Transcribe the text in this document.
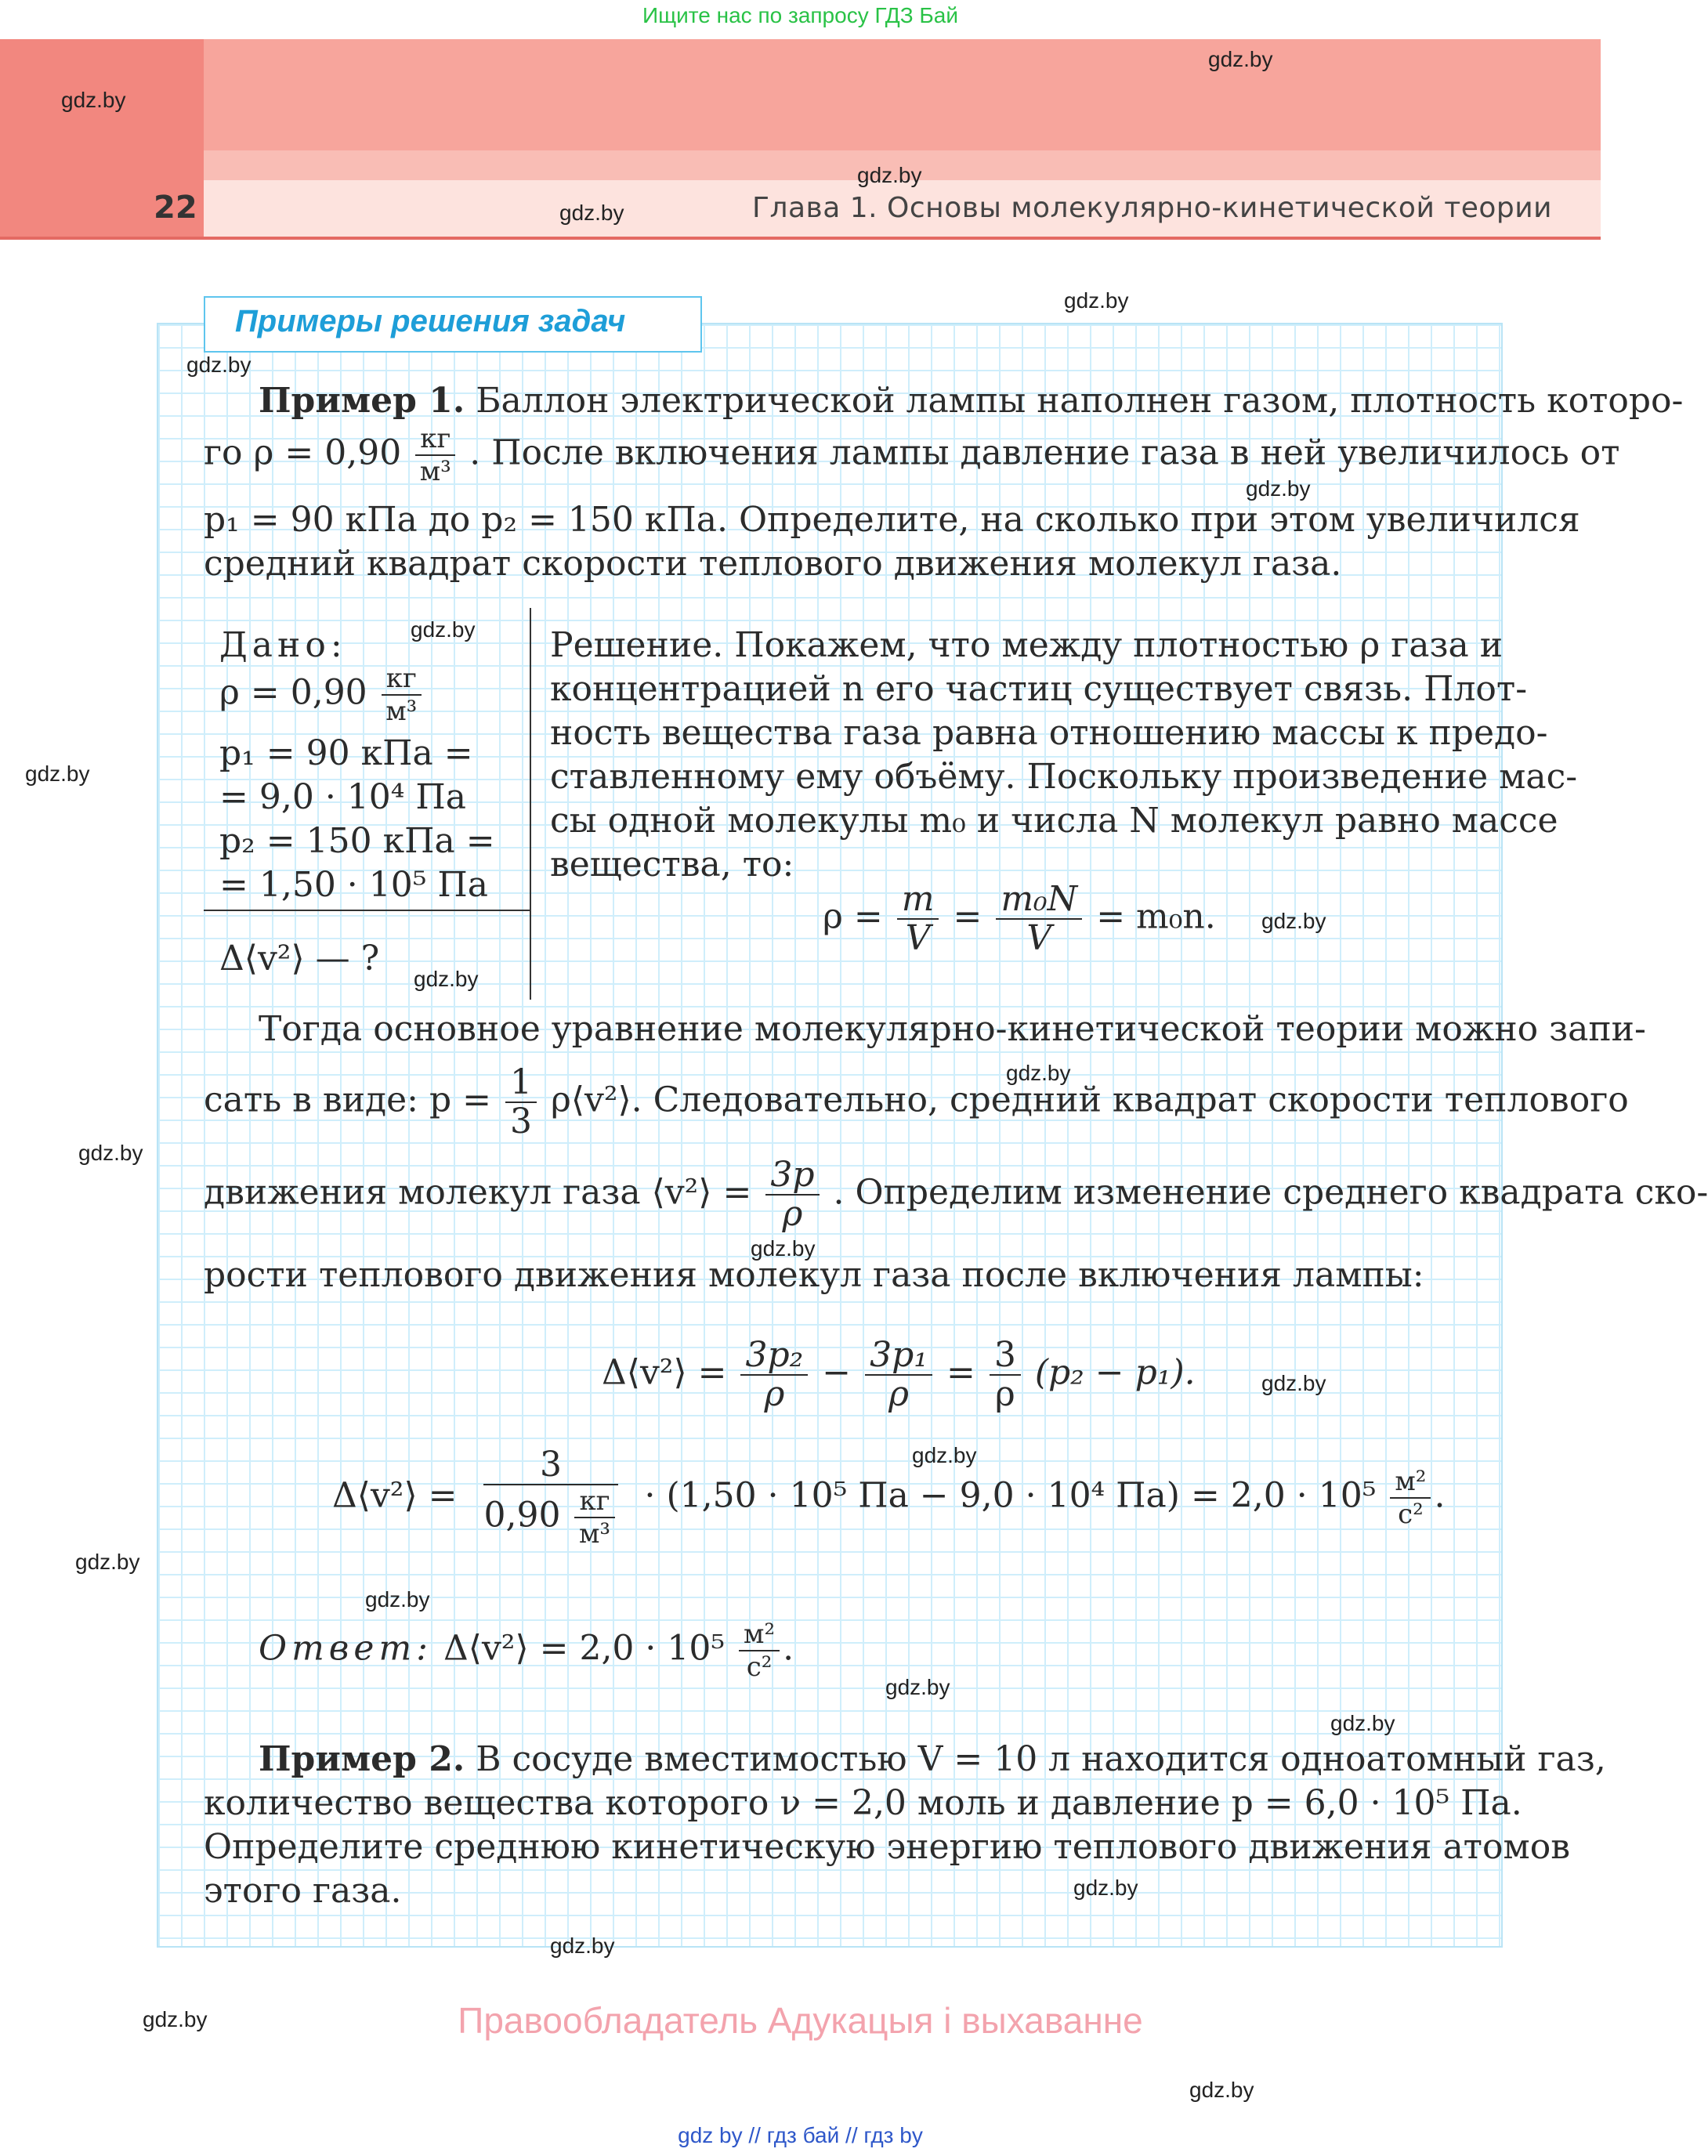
Ищите нас по запросу ГДЗ Бай
22	Глава 1. Основы молекулярно-кинетической теории
Примеры решения задач
Пример 1. Баллон электрической лампы наполнен газом, плотность которо-
го $\rho = 0,90 \frac{кг}{\text{м³}}$ . После включения лампы давление газа в ней увеличилось от
p₁ = 90 кПа до p₂ = 150 кПа. Определите, на сколько при этом увеличился
средний квадрат скорости теплового движения молекул газа.
Дано:
$\rho = 0,90 \frac{кг}{\text{м³}}$
p₁ = 90 кПа =
= 9,0 · 10⁴ Па
p₂ = 150 кПа =
= 1,50 · 10⁵ Па
Δ⟨v²⟩ — ?
Решение. Покажем, что между плотностью ρ газа и
концентрацией n его частиц существует связь. Плот-
ность вещества газа равна отношению массы к предо-
ставленному ему объёму. Поскольку произведение мас-
сы одной молекулы m₀ и числа N молекул равно массе
вещества, то:
$\rho = \frac{m}{V} = \frac{\text{m₀N}}{V} = m_0n$.
Тогда основное уравнение молекулярно-кинетической теории можно запи-
сать в виде: $p = \frac{1}{3}$ ρ⟨v²⟩. Следовательно, средний квадрат скорости теплового
движения молекул газа ⟨v²⟩ = $\frac{3p}{\rho}$ . Определим изменение среднего квадрата ско-
рости теплового движения молекул газа после включения лампы:
Δ⟨v²⟩ = $\frac{\text{3p₂}}{\rho} - \frac{\text{3p₁}}{\rho} = \frac{3}{\rho} (p_2 - p_1)$.
Δ⟨v²⟩ = $\frac{3}{0,90 \frac{кг}{\text{м³}}} \cdot (1,50 \cdot 10^5$ Па − 9,0 · 10⁴ $Па) = 2,0 \cdot 10^5 \frac{\text{м²}}{\text{с²}}$ .
Ответ: Δ⟨v²⟩ = $2,0 \cdot 10^5 \frac{\text{м²}}{\text{с²}}$ .
Пример 2. В сосуде вместимостью V = 10 л находится одноатомный газ,
количество вещества которого ν = 2,0 моль и давление p = 6,0 · 10⁵ Па.
Определите среднюю кинетическую энергию теплового движения атомов
этого газа.
gdz.by
gdz.by
gdz.by
gdz.by
gdz.by
gdz.by
gdz.by
gdz.by
gdz.by
gdz.by
gdz.by
gdz.by
gdz.by
gdz.by
gdz.by
gdz.by
gdz.by
gdz.by
gdz.by
gdz.by
gdz.by
gdz.by
gdz.by
gdz.by
Правообладатель Адукацыя і выхаванне
gdz by // гдз бай // гдз by
